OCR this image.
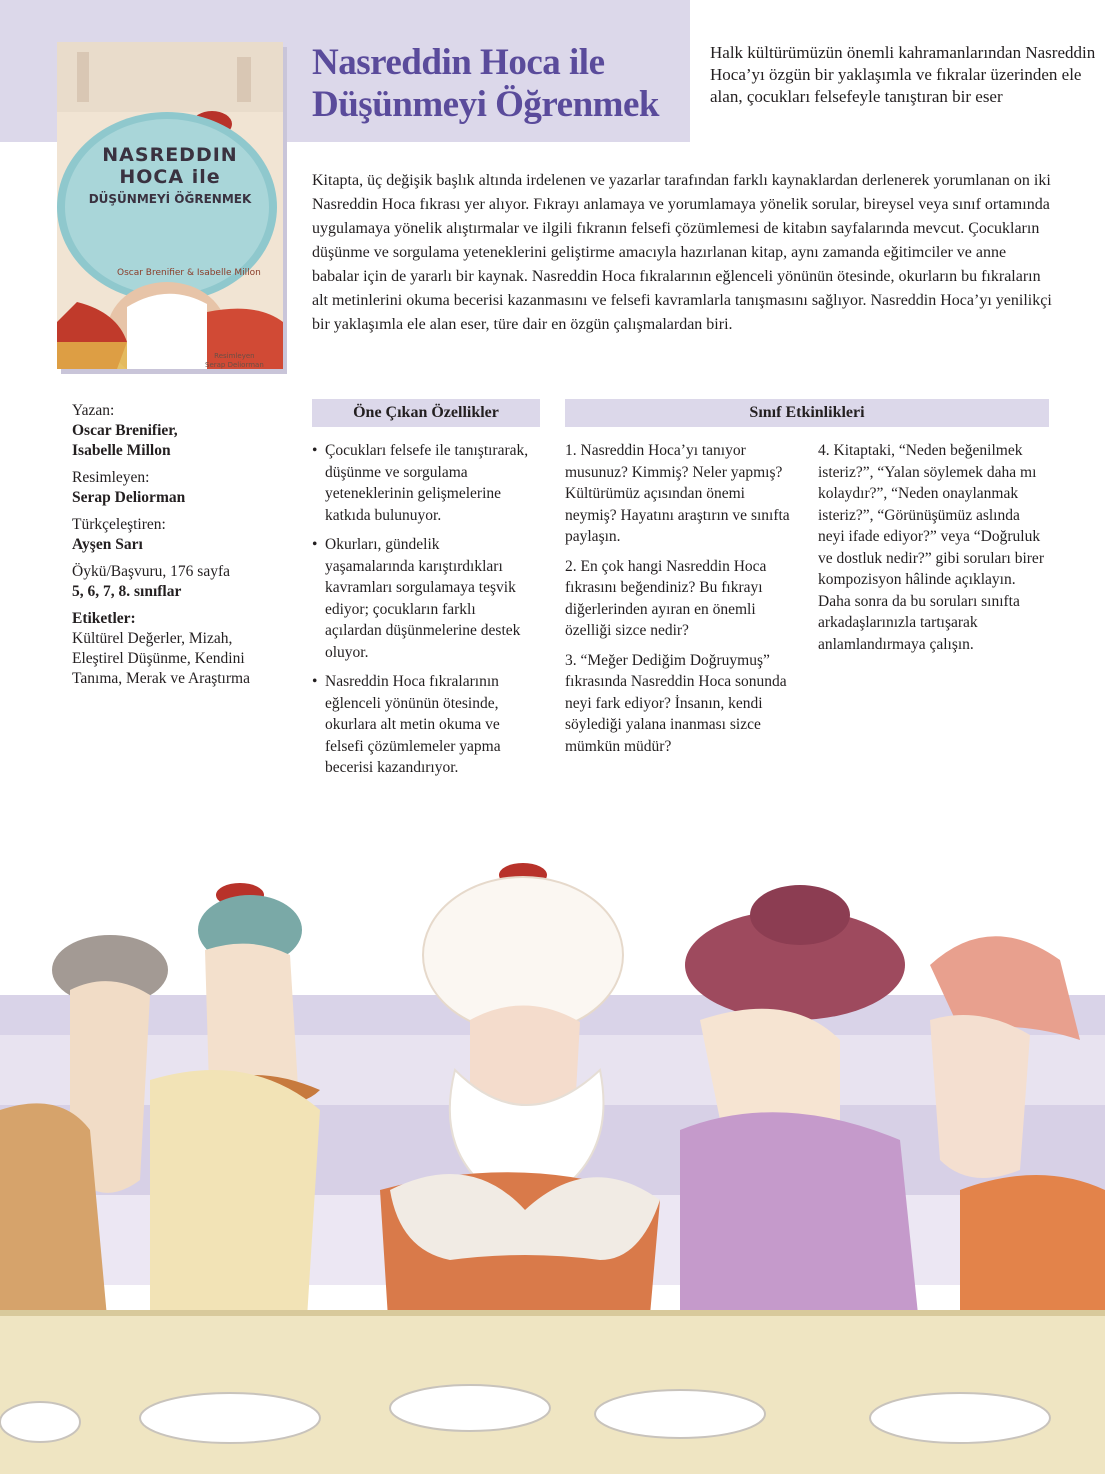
NASREDDIN
HOCA ile
DÜŞÜNMEYİ ÖĞRENMEK
Oscar Brenifier & Isabelle Millon
Resimleyen
Serap Deliorman
Nasreddin Hoca ile
Düşünmeyi Öğrenmek
Halk kültürümüzün önemli kahramanlarından Nasreddin Hoca’yı özgün bir yaklaşımla ve fıkralar üzerinden ele alan, çocukları felsefeyle tanıştıran bir eser
Kitapta, üç değişik başlık altında irdelenen ve yazarlar tarafından farklı kaynaklardan derlenerek yorumlanan on iki Nasreddin Hoca fıkrası yer alıyor. Fıkrayı anlamaya ve yorumlamaya yönelik sorular, bireysel veya sınıf ortamında uygulamaya yönelik alıştırmalar ve ilgili fıkranın felsefi çözümlemesi de kitabın sayfalarında mevcut. Çocukların düşünme ve sorgulama yeteneklerini geliştirme amacıyla hazırlanan kitap, aynı zamanda eğitimciler ve anne babalar için de yararlı bir kaynak. Nasreddin Hoca fıkralarının eğlenceli yönünün ötesinde, okurların bu fıkraların alt metinlerini okuma becerisi kazanmasını ve felsefi kavramlarla tanışmasını sağlıyor. Nasreddin Hoca’yı yenilikçi bir yaklaşımla ele alan eser, türe dair en özgün çalışmalardan biri.
Yazan:
Oscar Brenifier,
Isabelle Millon
Resimleyen:
Serap Deliorman
Türkçeleştiren:
Ayşen Sarı
Öykü/Başvuru, 176 sayfa
5, 6, 7, 8. sınıflar
Etiketler:
Kültürel Değerler, Mizah, Eleştirel Düşünme, Kendini Tanıma, Merak ve Araştırma
Öne Çıkan Özellikler	Sınıf Etkinlikleri

• Çocukları felsefe ile tanıştırarak, düşünme ve sorgulama yeteneklerinin gelişmelerine katkıda bulunuyor.

• Okurları, gündelik yaşamalarında karıştırdıkları kavramları sorgulamaya teşvik ediyor; çocukların farklı açılardan düşünmelerine destek oluyor.

• Nasreddin Hoca fıkralarının eğlenceli yönünün ötesinde, okurlara alt metin okuma ve felsefi çözümlemeler yapma becerisi kazandırıyor.

1. Nasreddin Hoca’yı tanıyor musunuz? Kimmiş? Neler yapmış? Kültürümüz açısından önemi neymiş? Hayatını araştırın ve sınıfta paylaşın.

2. En çok hangi Nasreddin Hoca fıkrasını beğendiniz? Bu fıkrayı diğerlerinden ayıran en önemli özelliği sizce nedir?

3. “Meğer Dediğim Doğruymuş” fıkrasında Nasreddin Hoca sonunda neyi fark ediyor? İnsanın, kendi söylediği yalana inanması sizce mümkün müdür?

4. Kitaptaki, “Neden beğenilmek isteriz?”, “Yalan söylemek daha mı kolaydır?”, “Neden onaylanmak isteriz?”, “Görünüşümüz aslında neyi ifade ediyor?” veya “Doğruluk ve dostluk nedir?” gibi soruları birer kompozisyon hâlinde açıklayın. Daha sonra da bu soruları sınıfta arkadaşlarınızla tartışarak anlamlandırmaya çalışın.
